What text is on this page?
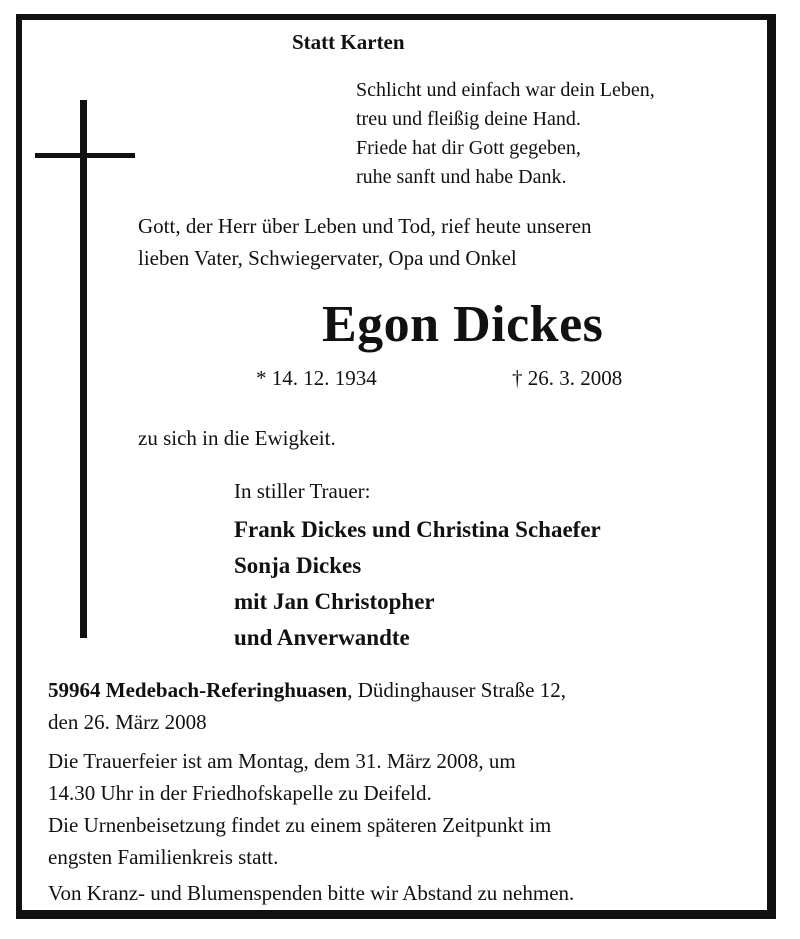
Statt Karten
Schlicht und einfach war dein Leben,
treu und fleißig deine Hand.
Friede hat dir Gott gegeben,
ruhe sanft und habe Dank.
Gott, der Herr über Leben und Tod, rief heute unseren
lieben Vater, Schwiegervater, Opa und Onkel
Egon Dickes
* 14. 12. 1934	† 26. 3. 2008
zu sich in die Ewigkeit.
In stiller Trauer:
Frank Dickes und Christina Schaefer
Sonja Dickes
mit Jan Christopher
und Anverwandte
59964 Medebach-Referinghuasen, Düdinghauser Straße 12,
den 26. März 2008
Die Trauerfeier ist am Montag, dem 31. März 2008, um
14.30 Uhr in der Friedhofskapelle zu Deifeld.
Die Urnenbeisetzung findet zu einem späteren Zeitpunkt im
engsten Familienkreis statt.
Von Kranz- und Blumenspenden bitte wir Abstand zu nehmen.
